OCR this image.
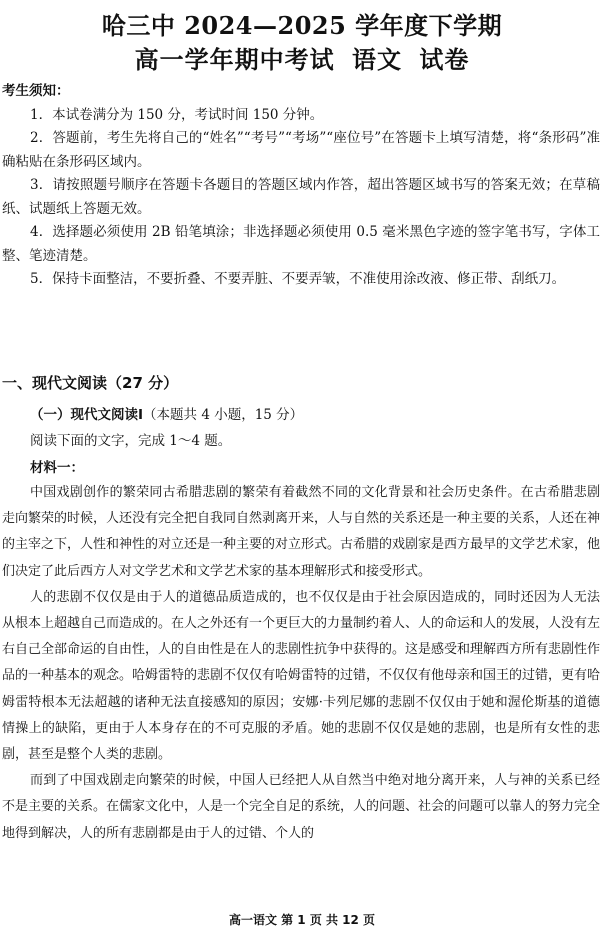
哈三中 2024—2025 学年度下学期
高一学年期中考试 语文 试卷
考生须知：
1．本试卷满分为 150 分，考试时间 150 分钟。
2．答题前，考生先将自己的“姓名”“考号”“考场”“座位号”在答题卡上填写清楚，将“条形码”准确粘贴在条形码区域内。
3．请按照题号顺序在答题卡各题目的答题区域内作答，超出答题区域书写的答案无效；在草稿纸、试题纸上答题无效。
4．选择题必须使用 2B 铅笔填涂；非选择题必须使用 0.5 毫米黑色字迹的签字笔书写，字体工整、笔迹清楚。
5．保持卡面整洁，不要折叠、不要弄脏、不要弄皱，不准使用涂改液、修正带、刮纸刀。
一、现代文阅读（27 分）
（一）现代文阅读Ⅰ（本题共 4 小题，15 分）
阅读下面的文字，完成 1～4 题。
材料一：

中国戏剧创作的繁荣同古希腊悲剧的繁荣有着截然不同的文化背景和社会历史条件。在古希腊悲剧走向繁荣的时候，人还没有完全把自我同自然剥离开来，人与自然的关系还是一种主要的关系，人还在神的主宰之下，人性和神性的对立还是一种主要的对立形式。古希腊的戏剧家是西方最早的文学艺术家，他们决定了此后西方人对文学艺术和文学艺术家的基本理解形式和接受形式。

人的悲剧不仅仅是由于人的道德品质造成的，也不仅仅是由于社会原因造成的，同时还因为人无法从根本上超越自己而造成的。在人之外还有一个更巨大的力量制约着人、人的命运和人的发展，人没有左右自己全部命运的自由性，人的自由性是在人的悲剧性抗争中获得的。这是感受和理解西方所有悲剧性作品的一种基本的观念。哈姆雷特的悲剧不仅仅有哈姆雷特的过错，不仅仅有他母亲和国王的过错，更有哈姆雷特根本无法超越的诸种无法直接感知的原因；安娜·卡列尼娜的悲剧不仅仅由于她和渥伦斯基的道德情操上的缺陷，更由于人本身存在的不可克服的矛盾。她的悲剧不仅仅是她的悲剧，也是所有女性的悲剧，甚至是整个人类的悲剧。

而到了中国戏剧走向繁荣的时候，中国人已经把人从自然当中绝对地分离开来，人与神的关系已经不是主要的关系。在儒家文化中，人是一个完全自足的系统，人的问题、社会的问题可以靠人的努力完全地得到解决，人的所有悲剧都是由于人的过错、个人的

高一语文 第 1 页 共 12 页
